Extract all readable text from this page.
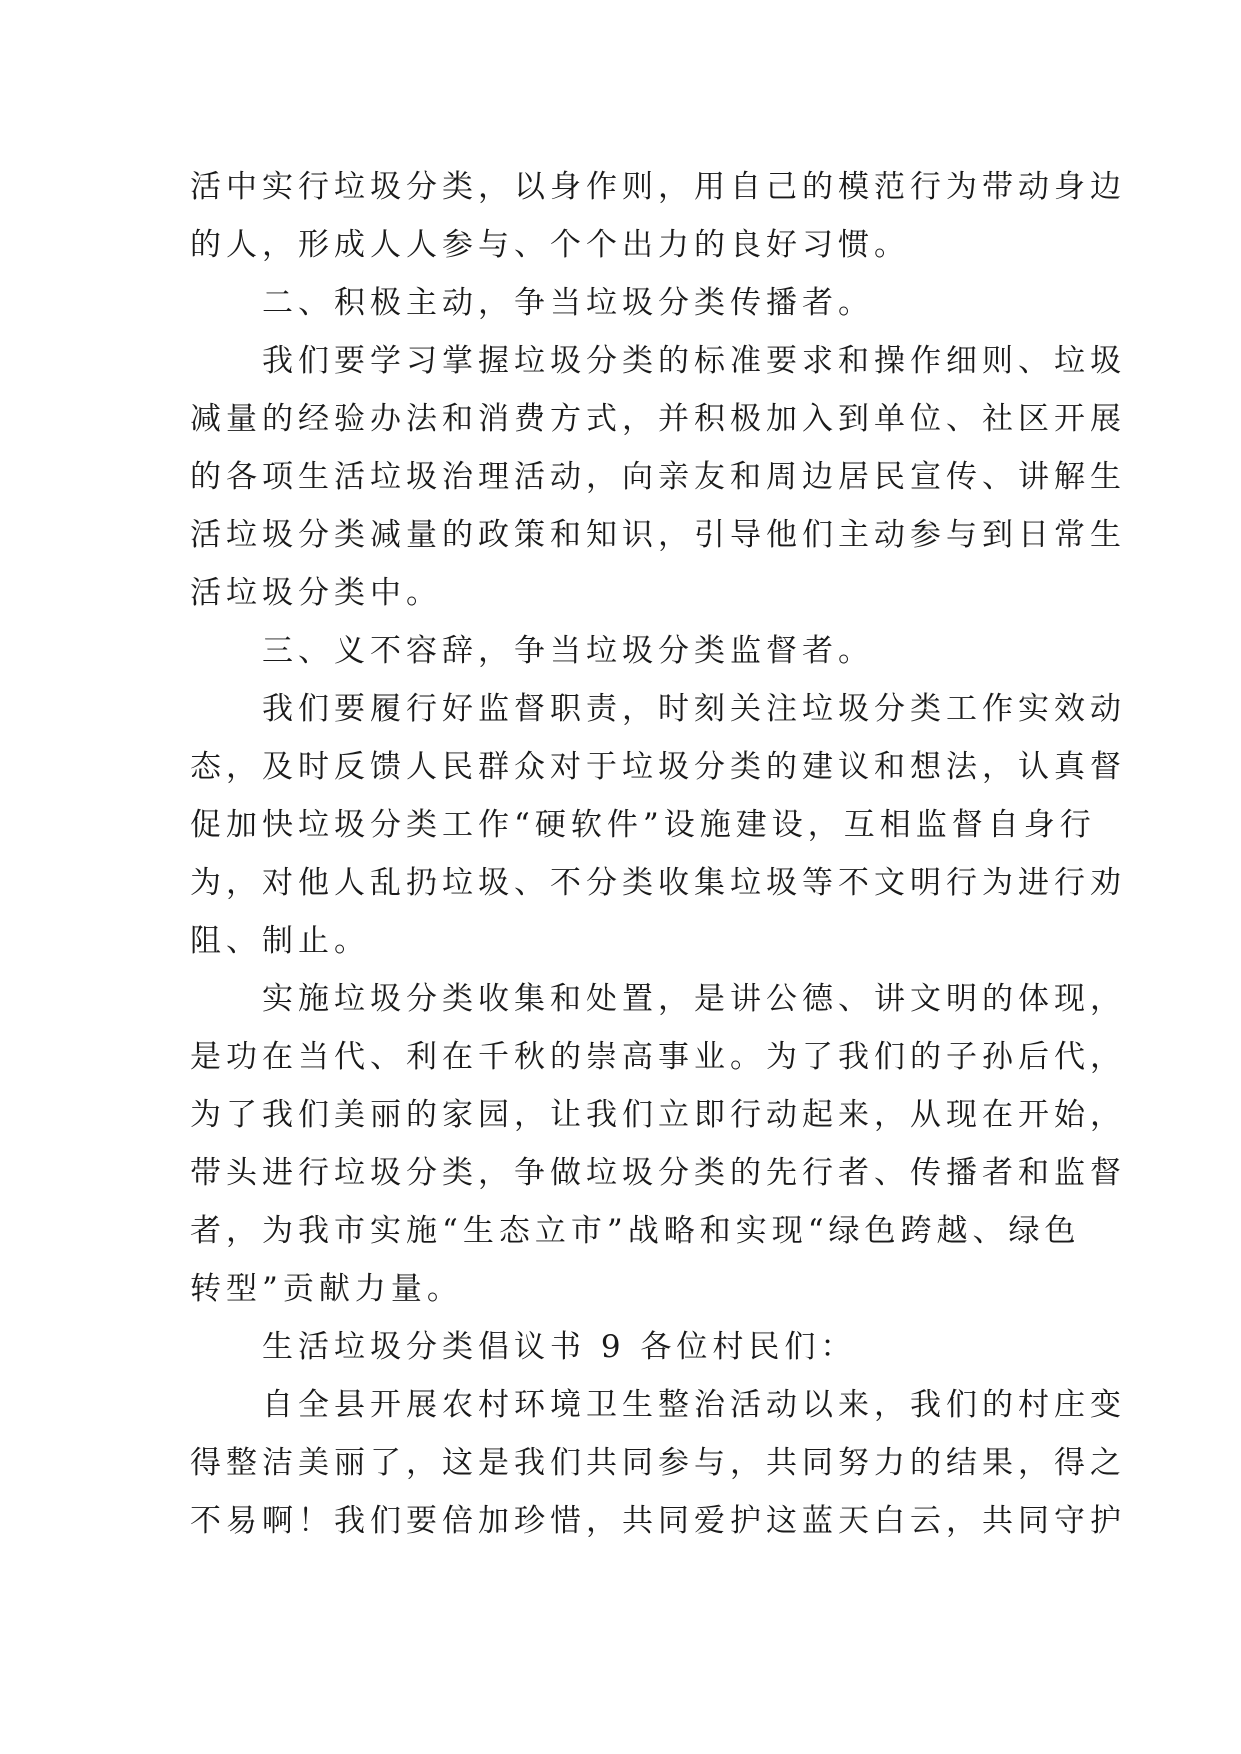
活中实行垃圾分类，以身作则，用自己的模范行为带动身边
的人，形成人人参与、个个出力的良好习惯。
二、积极主动，争当垃圾分类传播者。
我们要学习掌握垃圾分类的标准要求和操作细则、垃圾
减量的经验办法和消费方式，并积极加入到单位、社区开展
的各项生活垃圾治理活动，向亲友和周边居民宣传、讲解生
活垃圾分类减量的政策和知识，引导他们主动参与到日常生
活垃圾分类中。
三、义不容辞，争当垃圾分类监督者。
我们要履行好监督职责，时刻关注垃圾分类工作实效动
态，及时反馈人民群众对于垃圾分类的建议和想法，认真督
促加快垃圾分类工作“硬软件”设施建设，互相监督自身行
为，对他人乱扔垃圾、不分类收集垃圾等不文明行为进行劝
阻、制止。
实施垃圾分类收集和处置，是讲公德、讲文明的体现，
是功在当代、利在千秋的崇高事业。为了我们的子孙后代，
为了我们美丽的家园，让我们立即行动起来，从现在开始，
带头进行垃圾分类，争做垃圾分类的先行者、传播者和监督
者，为我市实施“生态立市”战略和实现“绿色跨越、绿色
转型”贡献力量。
生活垃圾分类倡议书 9 各位村民们：
自全县开展农村环境卫生整治活动以来，我们的村庄变
得整洁美丽了，这是我们共同参与，共同努力的结果，得之
不易啊！我们要倍加珍惜，共同爱护这蓝天白云，共同守护
